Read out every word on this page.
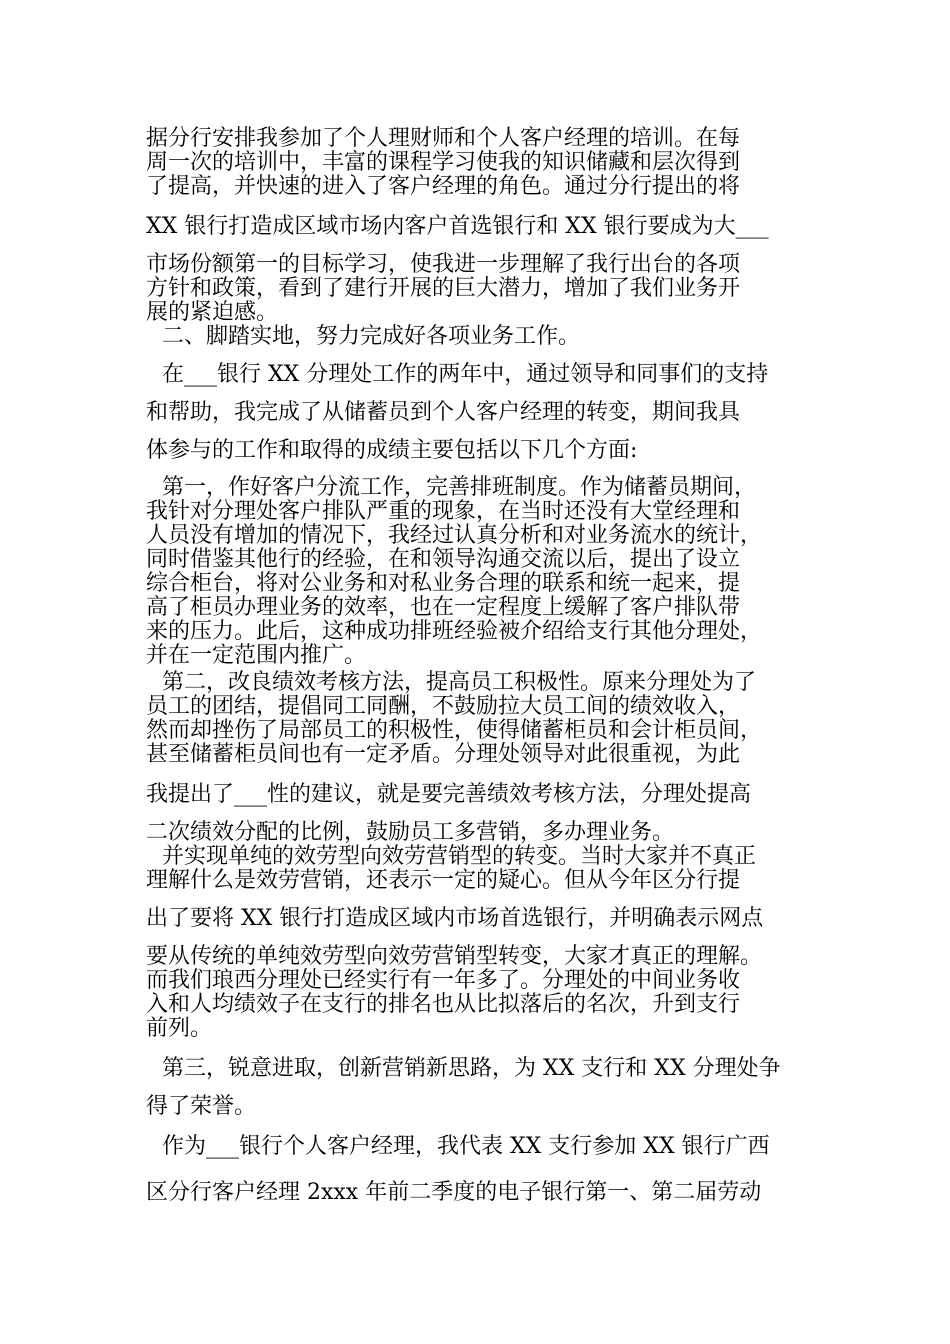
据分行安排我参加了个人理财师和个人客户经理的培训。在每
周一次的培训中，丰富的课程学习使我的知识储藏和层次得到
了提高，并快速的进入了客户经理的角色。通过分行提出的将
XX 银行打造成区域市场内客户首选银行和 XX 银行要成为大___
市场份额第一的目标学习，使我进一步理解了我行出台的各项
方针和政策，看到了建行开展的巨大潜力，增加了我们业务开
展的紧迫感。
二、脚踏实地，努力完成好各项业务工作。
在___银行 XX 分理处工作的两年中，通过领导和同事们的支持
和帮助，我完成了从储蓄员到个人客户经理的转变，期间我具
体参与的工作和取得的成绩主要包括以下几个方面:
第一，作好客户分流工作，完善排班制度。作为储蓄员期间，
我针对分理处客户排队严重的现象，在当时还没有大堂经理和
人员没有增加的情况下，我经过认真分析和对业务流水的统计，
同时借鉴其他行的经验，在和领导沟通交流以后，提出了设立
综合柜台，将对公业务和对私业务合理的联系和统一起来，提
高了柜员办理业务的效率，也在一定程度上缓解了客户排队带
来的压力。此后，这种成功排班经验被介绍给支行其他分理处，
并在一定范围内推广。
第二，改良绩效考核方法，提高员工积极性。原来分理处为了
员工的团结，提倡同工同酬，不鼓励拉大员工间的绩效收入，
然而却挫伤了局部员工的积极性，使得储蓄柜员和会计柜员间，
甚至储蓄柜员间也有一定矛盾。分理处领导对此很重视，为此
我提出了___性的建议，就是要完善绩效考核方法，分理处提高
二次绩效分配的比例，鼓励员工多营销，多办理业务。
并实现单纯的效劳型向效劳营销型的转变。当时大家并不真正
理解什么是效劳营销，还表示一定的疑心。但从今年区分行提
出了要将 XX 银行打造成区域内市场首选银行，并明确表示网点
要从传统的单纯效劳型向效劳营销型转变，大家才真正的理解。
而我们琅西分理处已经实行有一年多了。分理处的中间业务收
入和人均绩效子在支行的排名也从比拟落后的名次，升到支行
前列。
第三，锐意进取，创新营销新思路，为 XX 支行和 XX 分理处争
得了荣誉。
作为___银行个人客户经理，我代表 XX 支行参加 XX 银行广西
区分行客户经理 2xxx 年前二季度的电子银行第一、第二届劳动
